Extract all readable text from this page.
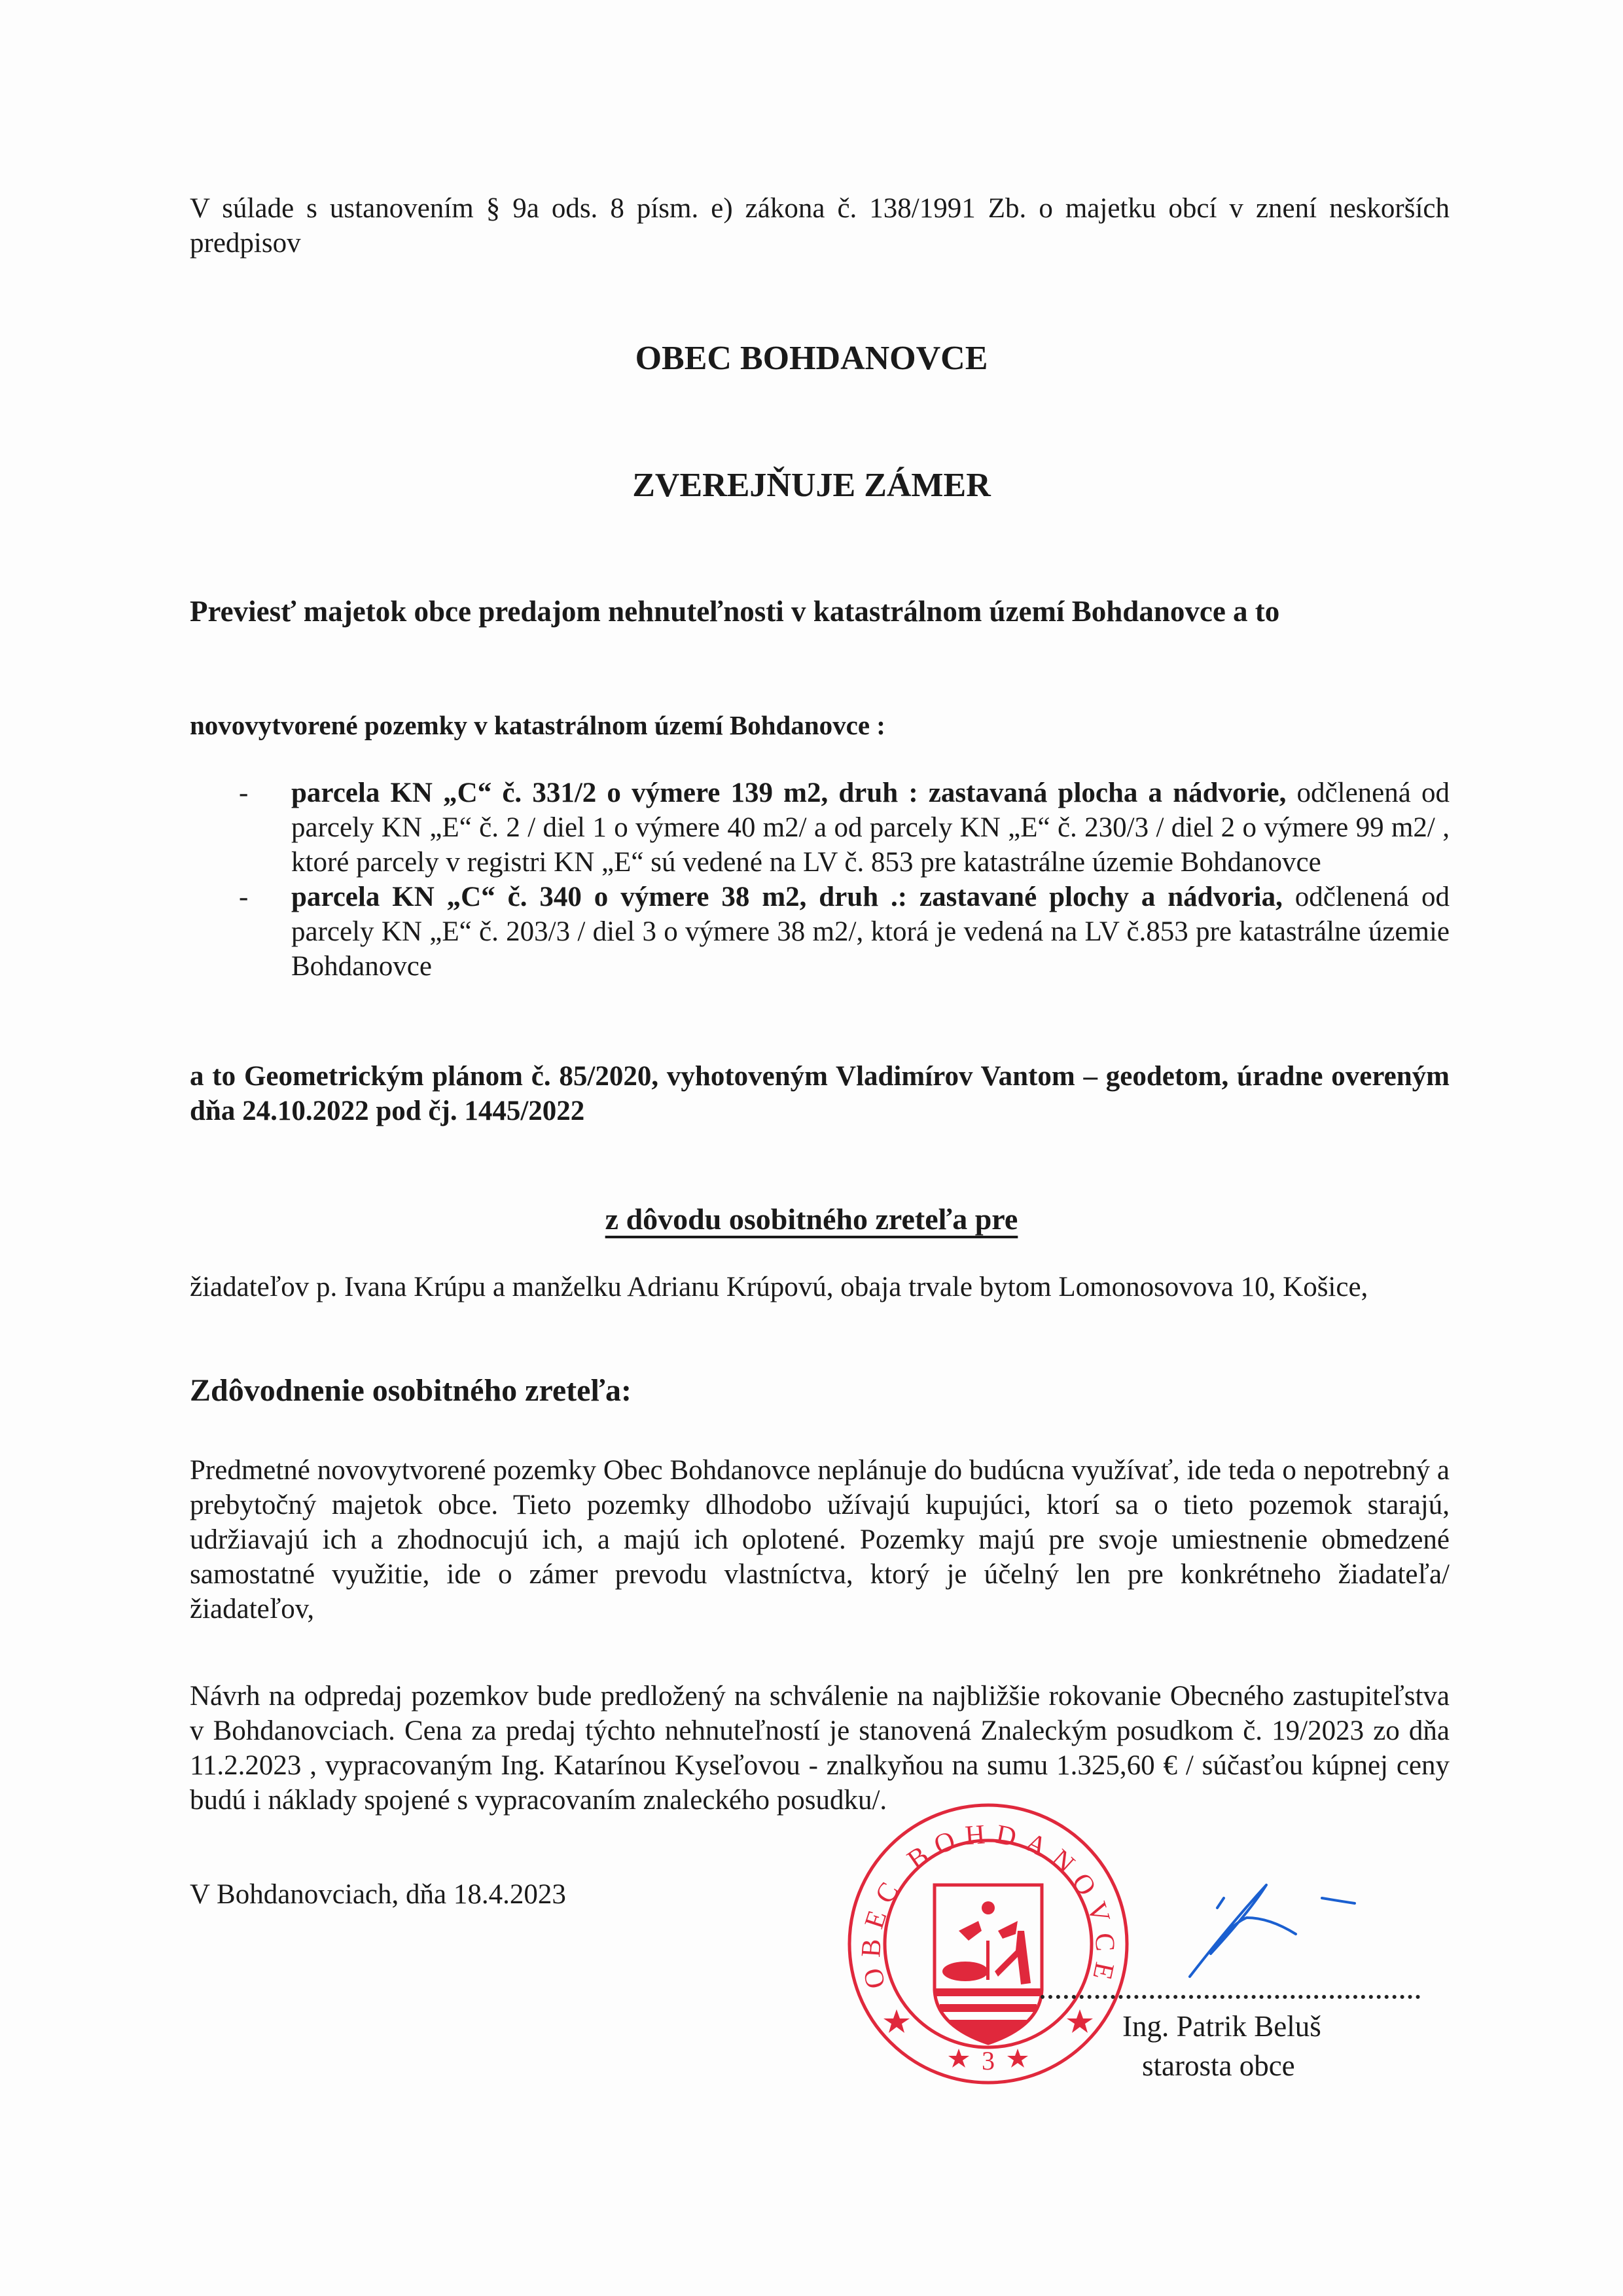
V súlade s ustanovením § 9a ods. 8 písm. e) zákona č. 138/1991 Zb. o majetku obcí v znení neskorších predpisov

OBEC BOHDANOVCE
ZVEREJŇUJE ZÁMER

Previesť majetok obce predajom nehnuteľnosti v katastrálnom území Bohdanovce a to

novovytvorené pozemky v katastrálnom území Bohdanovce :

- parcela KN „C“ č. 331/2 o výmere 139 m2, druh : zastavaná plocha a nádvorie, odčlenená od parcely KN „E“ č. 2 / diel 1 o výmere 40 m2/ a od parcely KN „E“ č. 230/3 / diel 2 o výmere 99 m2/ , ktoré parcely v registri KN „E“ sú vedené na LV č. 853 pre katastrálne územie Bohdanovce
- parcela KN „C“ č. 340 o výmere 38 m2, druh .: zastavané plochy a nádvoria, odčlenená od parcely KN „E“ č. 203/3 / diel 3 o výmere 38 m2/, ktorá je vedená na LV č.853 pre katastrálne územie Bohdanovce

a to Geometrickým plánom č. 85/2020, vyhotoveným Vladimírov Vantom – geodetom, úradne overeným dňa 24.10.2022 pod čj. 1445/2022

z dôvodu osobitného zreteľa pre

žiadateľov p. Ivana Krúpu a manželku Adrianu Krúpovú, obaja trvale bytom Lomonosovova 10, Košice,

Zdôvodnenie osobitného zreteľa:

Predmetné novovytvorené pozemky Obec Bohdanovce neplánuje do budúcna využívať, ide teda o nepotrebný a prebytočný majetok obce. Tieto pozemky dlhodobo užívajú kupujúci, ktorí sa o tieto pozemok starajú, udržiavajú ich a zhodnocujú ich, a majú ich oplotené. Pozemky majú pre svoje umiestnenie obmedzené samostatné využitie, ide o zámer prevodu vlastníctva, ktorý je účelný len pre konkrétneho žiadateľa/ žiadateľov,

Návrh na odpredaj pozemkov bude predložený na schválenie na najbližšie rokovanie Obecného zastupiteľstva v Bohdanovciach. Cena za predaj týchto nehnuteľností je stanovená Znaleckým posudkom č. 19/2023 zo dňa 11.2.2023 , vypracovaným Ing. Katarínou Kyseľovou - znalkyňou na sumu 1.325,60 € / súčasťou kúpnej ceny budú i náklady spojené s vypracovaním znaleckého posudku/.

V Bohdanovciach, dňa 18.4.2023

OBEC BOHDANOVCE
3

Ing. Patrik Beluš

starosta obce
